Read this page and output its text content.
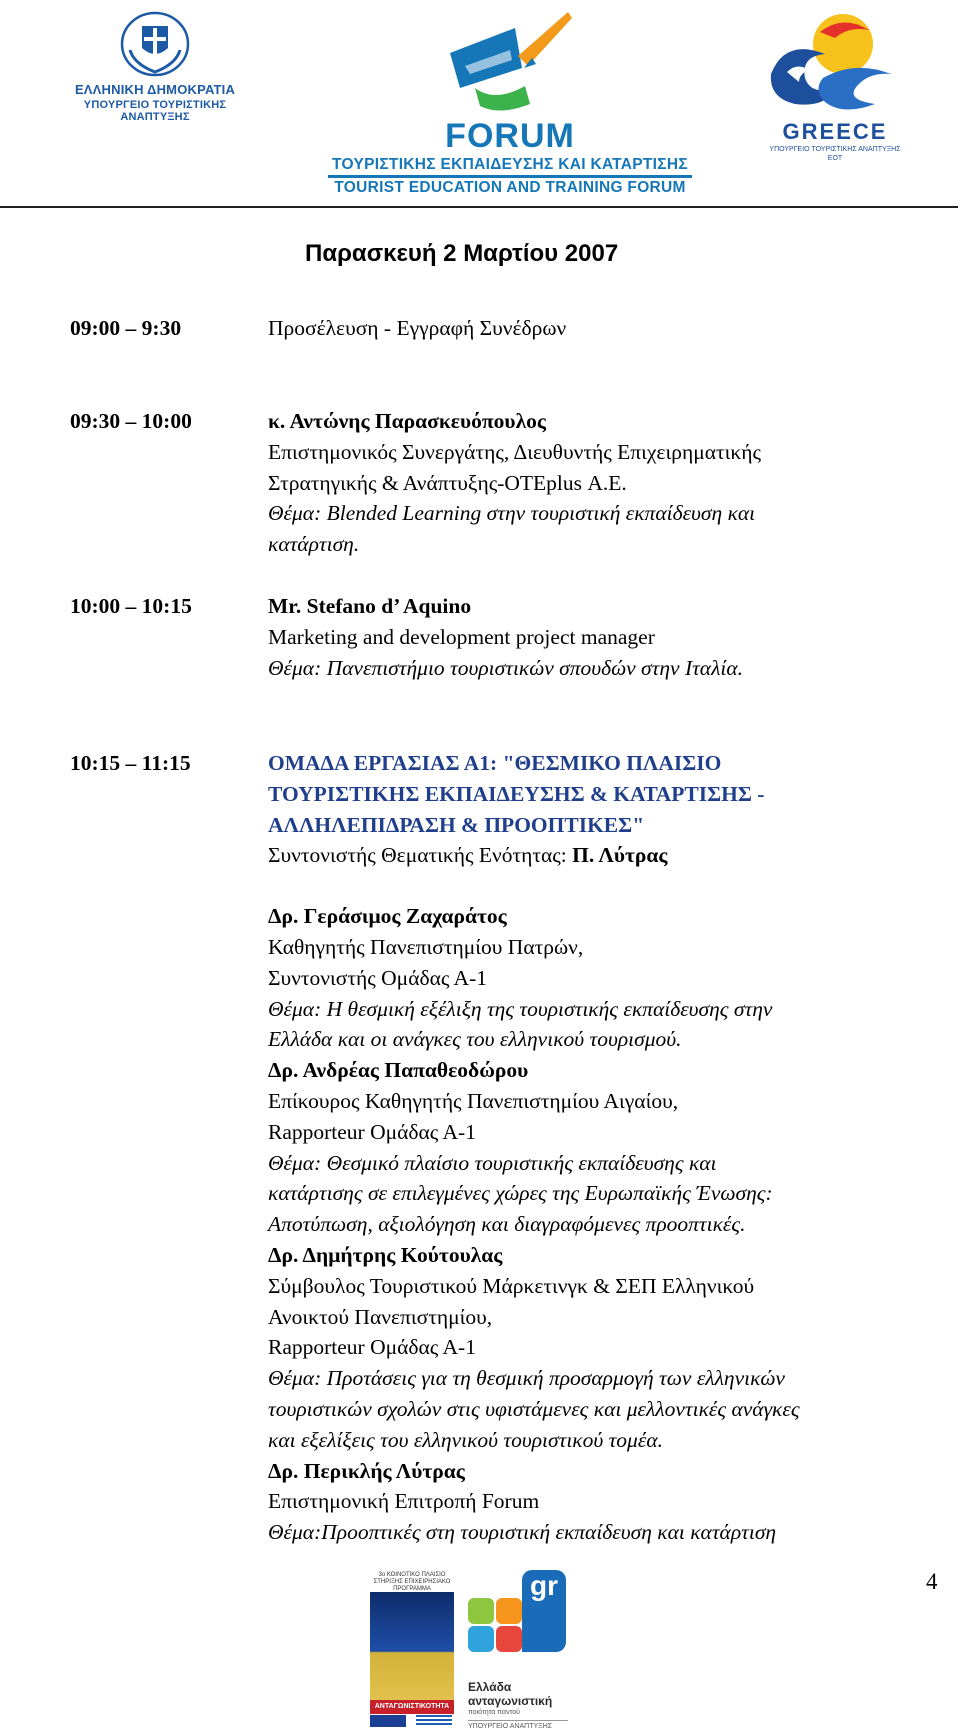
ΕΛΛΗΝΙΚΗ ΔΗΜΟΚΡΑΤΙΑ
ΥΠΟΥΡΓΕΙΟ ΤΟΥΡΙΣΤΙΚΗΣ ΑΝΑΠΤΥΞΗΣ	FORUM
ΤΟΥΡΙΣΤΙΚΗΣ ΕΚΠΑΙΔΕΥΣΗΣ ΚΑΙ ΚΑΤΑΡΤΙΣΗΣ
TOURIST EDUCATION AND TRAINING FORUM
GREECE
ΥΠΟΥΡΓΕΙΟ ΤΟΥΡΙΣΤΙΚΗΣ ΑΝΑΠΤΥΞΗΣ
ΕΟΤ
Παρασκευή 2 Μαρτίου 2007
09:00 – 9:30	Προσέλευση - Εγγραφή Συνέδρων
09:30 – 10:00	κ. Αντώνης Παρασκευόπουλος
Επιστημονικός Συνεργάτης, Διευθυντής Επιχειρηματικής
Στρατηγικής & Ανάπτυξης-ΟΤΕplus Α.Ε.
Θέμα: Blended Learning στην τουριστική εκπαίδευση και
κατάρτιση.
10:00 – 10:15	Mr. Stefano d’ Aquino
Marketing and development project manager
Θέμα: Πανεπιστήμιο τουριστικών σπουδών στην Ιταλία.
10:15 – 11:15	ΟΜΑΔΑ ΕΡΓΑΣΙΑΣ Α1: "ΘΕΣΜΙΚΟ ΠΛΑΙΣΙΟ
ΤΟΥΡΙΣΤΙΚΗΣ ΕΚΠΑΙΔΕΥΣΗΣ & ΚΑΤΑΡΤΙΣΗΣ -
ΑΛΛΗΛΕΠΙΔΡΑΣΗ & ΠΡΟΟΠΤΙΚΕΣ"
Συντονιστής Θεματικής Ενότητας: Π. Λύτρας
Δρ. Γεράσιμος Ζαχαράτος
Καθηγητής Πανεπιστημίου Πατρών,
Συντονιστής Ομάδας Α-1
Θέμα: Η θεσμική εξέλιξη της τουριστικής εκπαίδευσης στην
Ελλάδα και οι ανάγκες του ελληνικού τουρισμού.
Δρ. Ανδρέας Παπαθεοδώρου
Επίκουρος Καθηγητής Πανεπιστημίου Αιγαίου,
Rapporteur Ομάδας Α-1
Θέμα: Θεσμικό πλαίσιο τουριστικής εκπαίδευσης και
κατάρτισης σε επιλεγμένες χώρες της Ευρωπαϊκής Ένωσης:
Αποτύπωση, αξιολόγηση και διαγραφόμενες προοπτικές.
Δρ. Δημήτρης Κούτουλας
Σύμβουλος Τουριστικού Μάρκετινγκ & ΣΕΠ Ελληνικού
Ανοικτού Πανεπιστημίου,
Rapporteur Ομάδας Α-1
Θέμα: Προτάσεις για τη θεσμική προσαρμογή των ελληνικών
τουριστικών σχολών στις υφιστάμενες και μελλοντικές ανάγκες
και εξελίξεις του ελληνικού τουριστικού τομέα.
Δρ. Περικλής Λύτρας
Επιστημονική Επιτροπή Forum
Θέμα:Προοπτικές στη τουριστική εκπαίδευση και κατάρτιση
4
3ο ΚΟΙΝΟΤΙΚΟ ΠΛΑΙΣΙΟ ΣΤΗΡΙΞΗΣ ΕΠΙΧΕΙΡΗΣΙΑΚΟ ΠΡΟΓΡΑΜΜΑ
ΑΝΤΑΓΩΝΙΣΤΙΚΟΤΗΤΑ
gr
Ελλάδα ανταγωνιστική
ποιότητα παντού
ΥΠΟΥΡΓΕΙΟ ΑΝΑΠΤΥΞΗΣ
